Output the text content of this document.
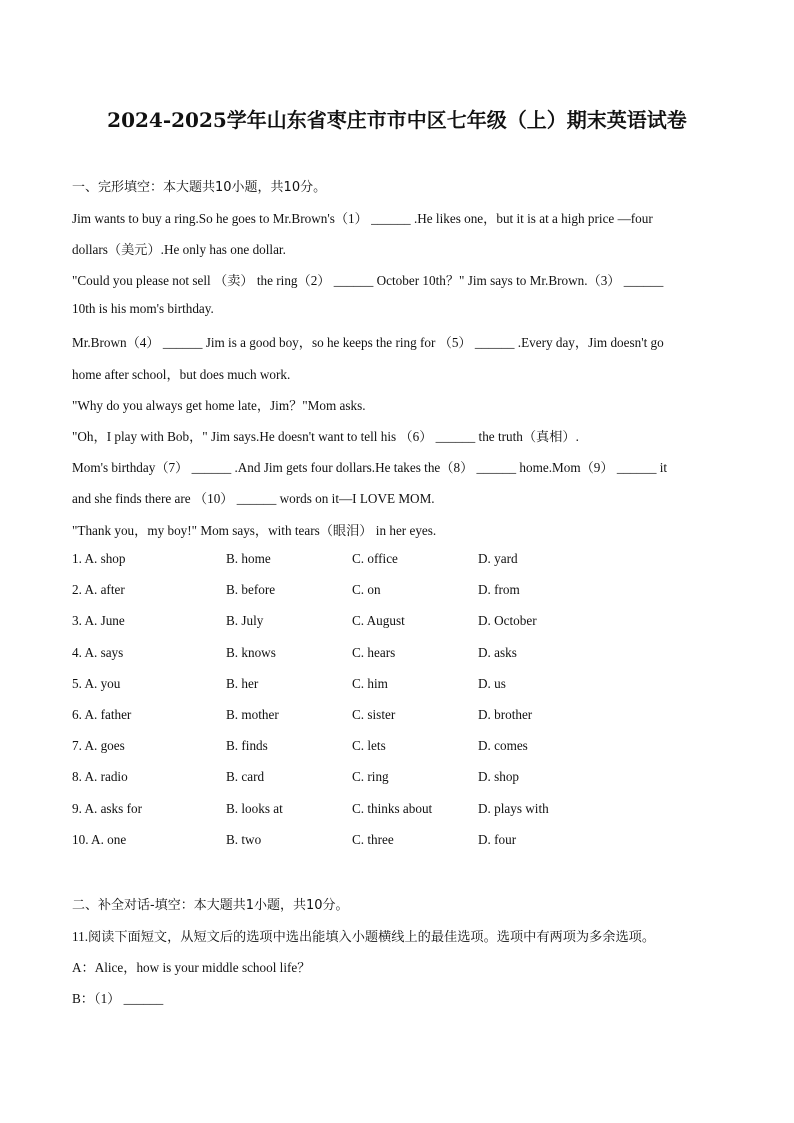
2024-2025学年山东省枣庄市市中区七年级（上）期末英语试卷
一、完形填空：本大题共10小题，共10分。
Jim wants to buy a ring.So he goes to Mr.Brown's（1） ______ .He likes one，but it is at a high price —four
dollars（美元）.He only has one dollar.
"Could you please not sell （卖） the ring（2） ______ October 10th？" Jim says to Mr.Brown.（3） ______
10th is his mom's birthday.
Mr.Brown（4） ______ Jim is a good boy，so he keeps the ring for （5） ______ .Every day，Jim doesn't go
home after school，but does much work.
"Why do you always get home late，Jim？"Mom asks.
"Oh，I play with Bob，" Jim says.He doesn't want to tell his （6） ______ the truth（真相）.
Mom's birthday（7） ______ .And Jim gets four dollars.He takes the（8） ______ home.Mom（9） ______ it
and she finds there are （10） ______ words on it—I LOVE MOM.
"Thank you，my boy!" Mom says，with tears（眼泪） in her eyes.
1. A. shop	B. home	C. office	D. yard
2. A. after	B. before	C. on	D. from
3. A. June	B. July	C. August	D. October
4. A. says	B. knows	C. hears	D. asks
5. A. you	B. her	C. him	D. us
6. A. father	B. mother	C. sister	D. brother
7. A. goes	B. finds	C. lets	D. comes
8. A. radio	B. card	C. ring	D. shop
9. A. asks for	B. looks at	C. thinks about	D. plays with
10. A. one	B. two	C. three	D. four
二、补全对话-填空：本大题共1小题，共10分。
11.阅读下面短文，从短文后的选项中选出能填入小题横线上的最佳选项。选项中有两项为多余选项。
A：Alice，how is your middle school life？
B：（1） ______
